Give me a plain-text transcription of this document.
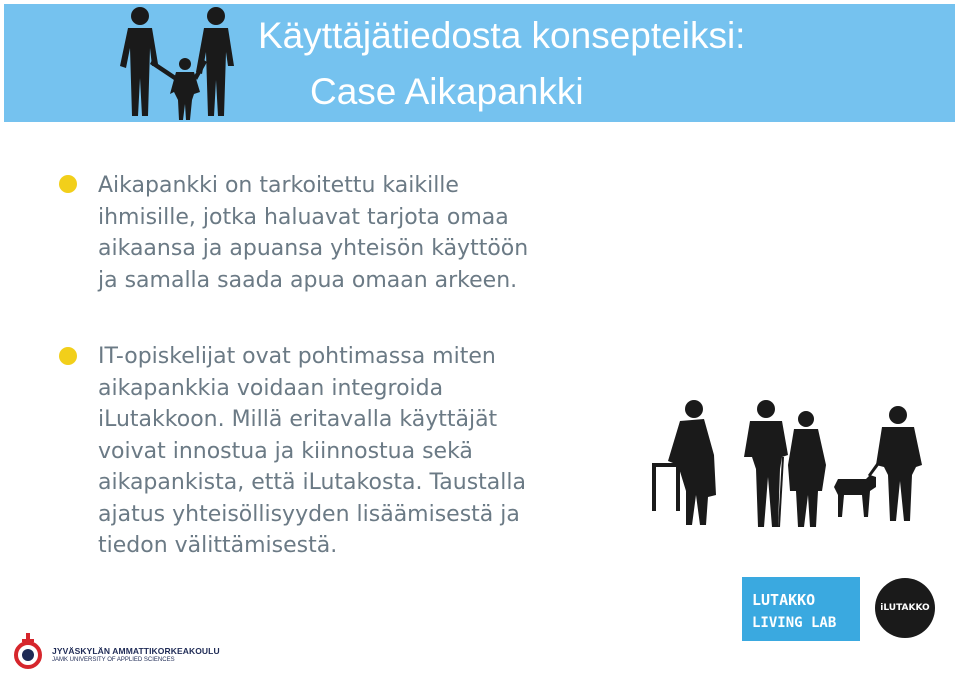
Käyttäjätiedosta konsepteiksi:
Case Aikapankki
Aikapankki on tarkoitettu kaikille
ihmisille, jotka haluavat tarjota omaa
aikaansa ja apuansa yhteisön käyttöön
ja samalla saada apua omaan arkeen.
IT-opiskelijat ovat pohtimassa miten
aikapankkia voidaan integroida
iLutakkoon. Millä eritavalla käyttäjät
voivat innostua ja kiinnostua sekä
aikapankista, että iLutakosta. Taustalla
ajatus yhteisöllisyyden lisäämisestä ja
tiedon välittämisestä.
LUTAKKO
LIVING LAB
iLUTAKKO
JYVÄSKYLÄN AMMATTIKORKEAKOULU
JAMK UNIVERSITY OF APPLIED SCIENCES
